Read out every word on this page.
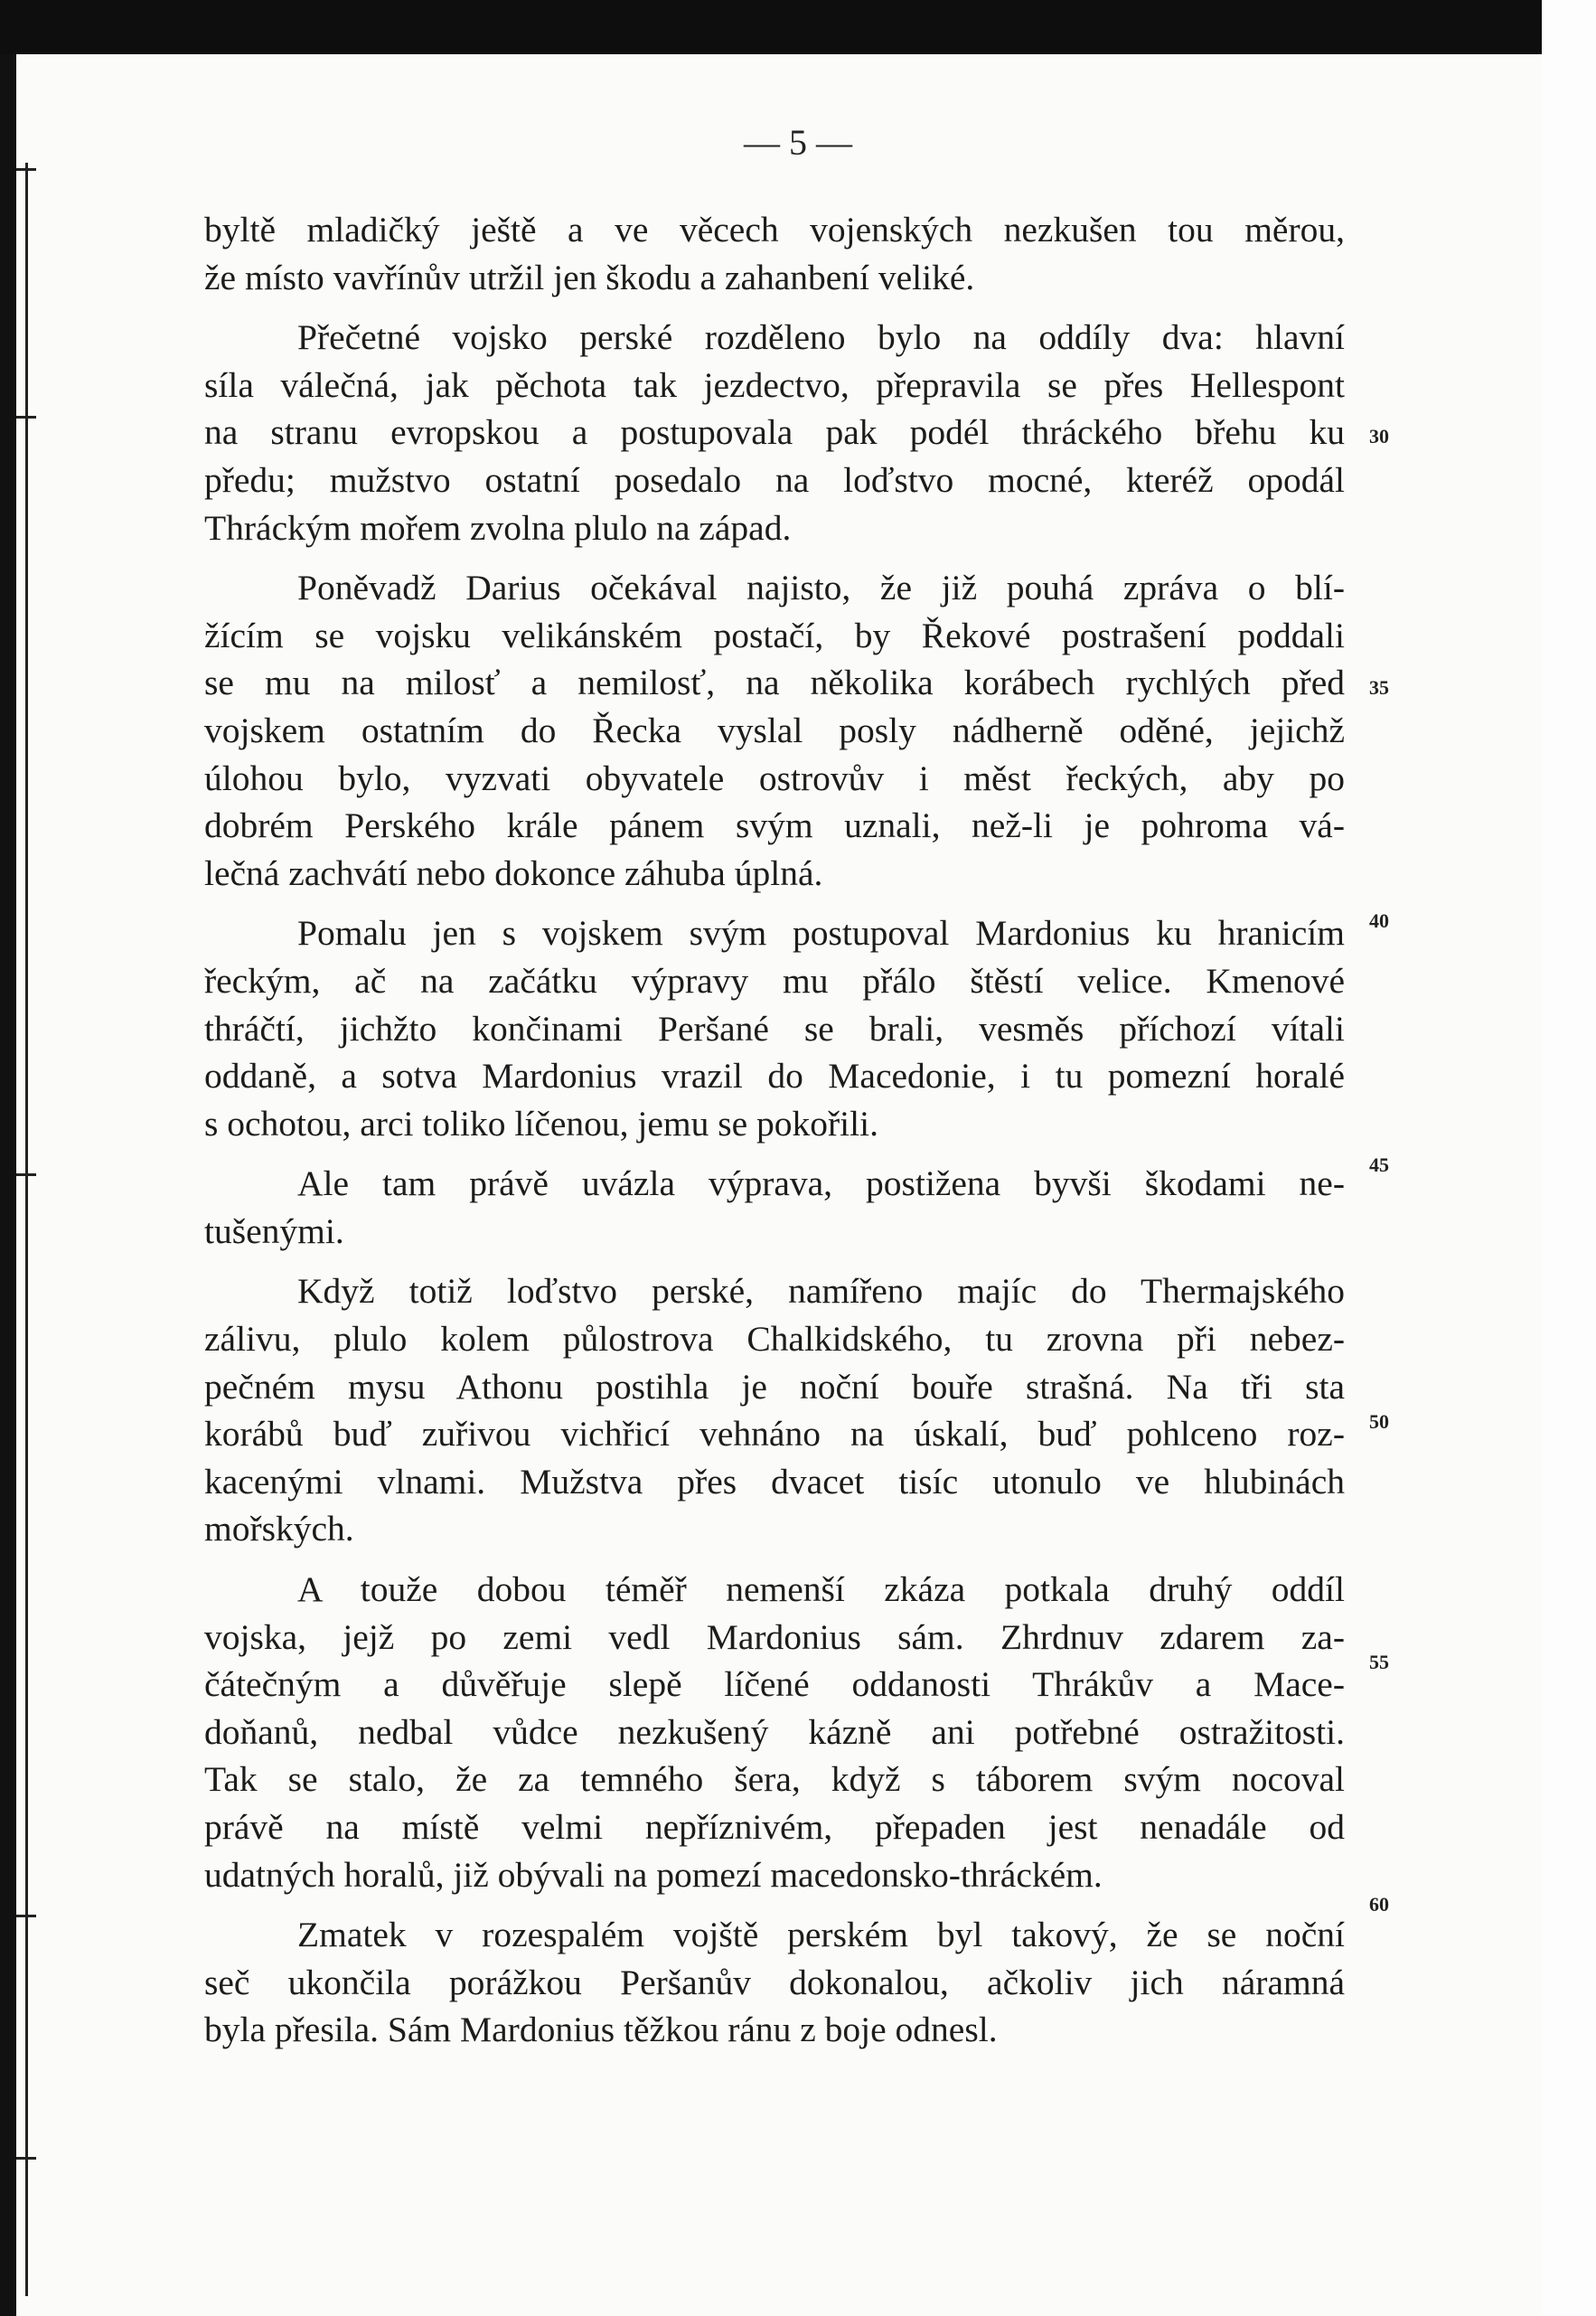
— 5 —
byltě mladičký ještě a ve věcech vojenských nezkušen tou měrou,
že místo vavřínův utržil jen škodu a zahanbení veliké.
Přečetné vojsko perské rozděleno bylo na oddíly dva: hlavní
síla válečná, jak pěchota tak jezdectvo, přepravila se přes Hellespont
na stranu evropskou a postupovala pak podél thráckého břehu ku
předu; mužstvo ostatní posedalo na loďstvo mocné, kteréž opodál
Thráckým mořem zvolna plulo na západ.
Poněvadž Darius očekával najisto, že již pouhá zpráva o blí-
žícím se vojsku velikánském postačí, by Řekové postrašení poddali
se mu na milosť a nemilosť, na několika korábech rychlých před
vojskem ostatním do Řecka vyslal posly nádherně oděné, jejichž
úlohou bylo, vyzvati obyvatele ostrovův i měst řeckých, aby po
dobrém Perského krále pánem svým uznali, než-li je pohroma vá-
lečná zachvátí nebo dokonce záhuba úplná.
Pomalu jen s vojskem svým postupoval Mardonius ku hranicím
řeckým, ač na začátku výpravy mu přálo štěstí velice. Kmenové
thráčtí, jichžto končinami Peršané se brali, vesměs příchozí vítali
oddaně, a sotva Mardonius vrazil do Macedonie, i tu pomezní horalé
s ochotou, arci toliko líčenou, jemu se pokořili.
Ale tam právě uvázla výprava, postižena byvši škodami ne-
tušenými.
Když totiž loďstvo perské, namířeno majíc do Thermajského
zálivu, plulo kolem půlostrova Chalkidského, tu zrovna při nebez-
pečném mysu Athonu postihla je noční bouře strašná. Na tři sta
korábů buď zuřivou vichřicí vehnáno na úskalí, buď pohlceno roz-
kacenými vlnami. Mužstva přes dvacet tisíc utonulo ve hlubinách
mořských.
A touže dobou téměř nemenší zkáza potkala druhý oddíl
vojska, jejž po zemi vedl Mardonius sám. Zhrdnuv zdarem za-
čátečným a důvěřuje slepě líčené oddanosti Thrákův a Mace-
doňanů, nedbal vůdce nezkušený kázně ani potřebné ostražitosti.
Tak se stalo, že za temného šera, když s táborem svým nocoval
právě na místě velmi nepříznivém, přepaden jest nenadále od
udatných horalů, již obývali na pomezí macedonsko-thráckém.
Zmatek v rozespalém vojště perském byl takový, že se noční
seč ukončila porážkou Peršanův dokonalou, ačkoliv jich náramná
byla přesila. Sám Mardonius těžkou ránu z boje odnesl.
30
35
40
45
50
55
60
